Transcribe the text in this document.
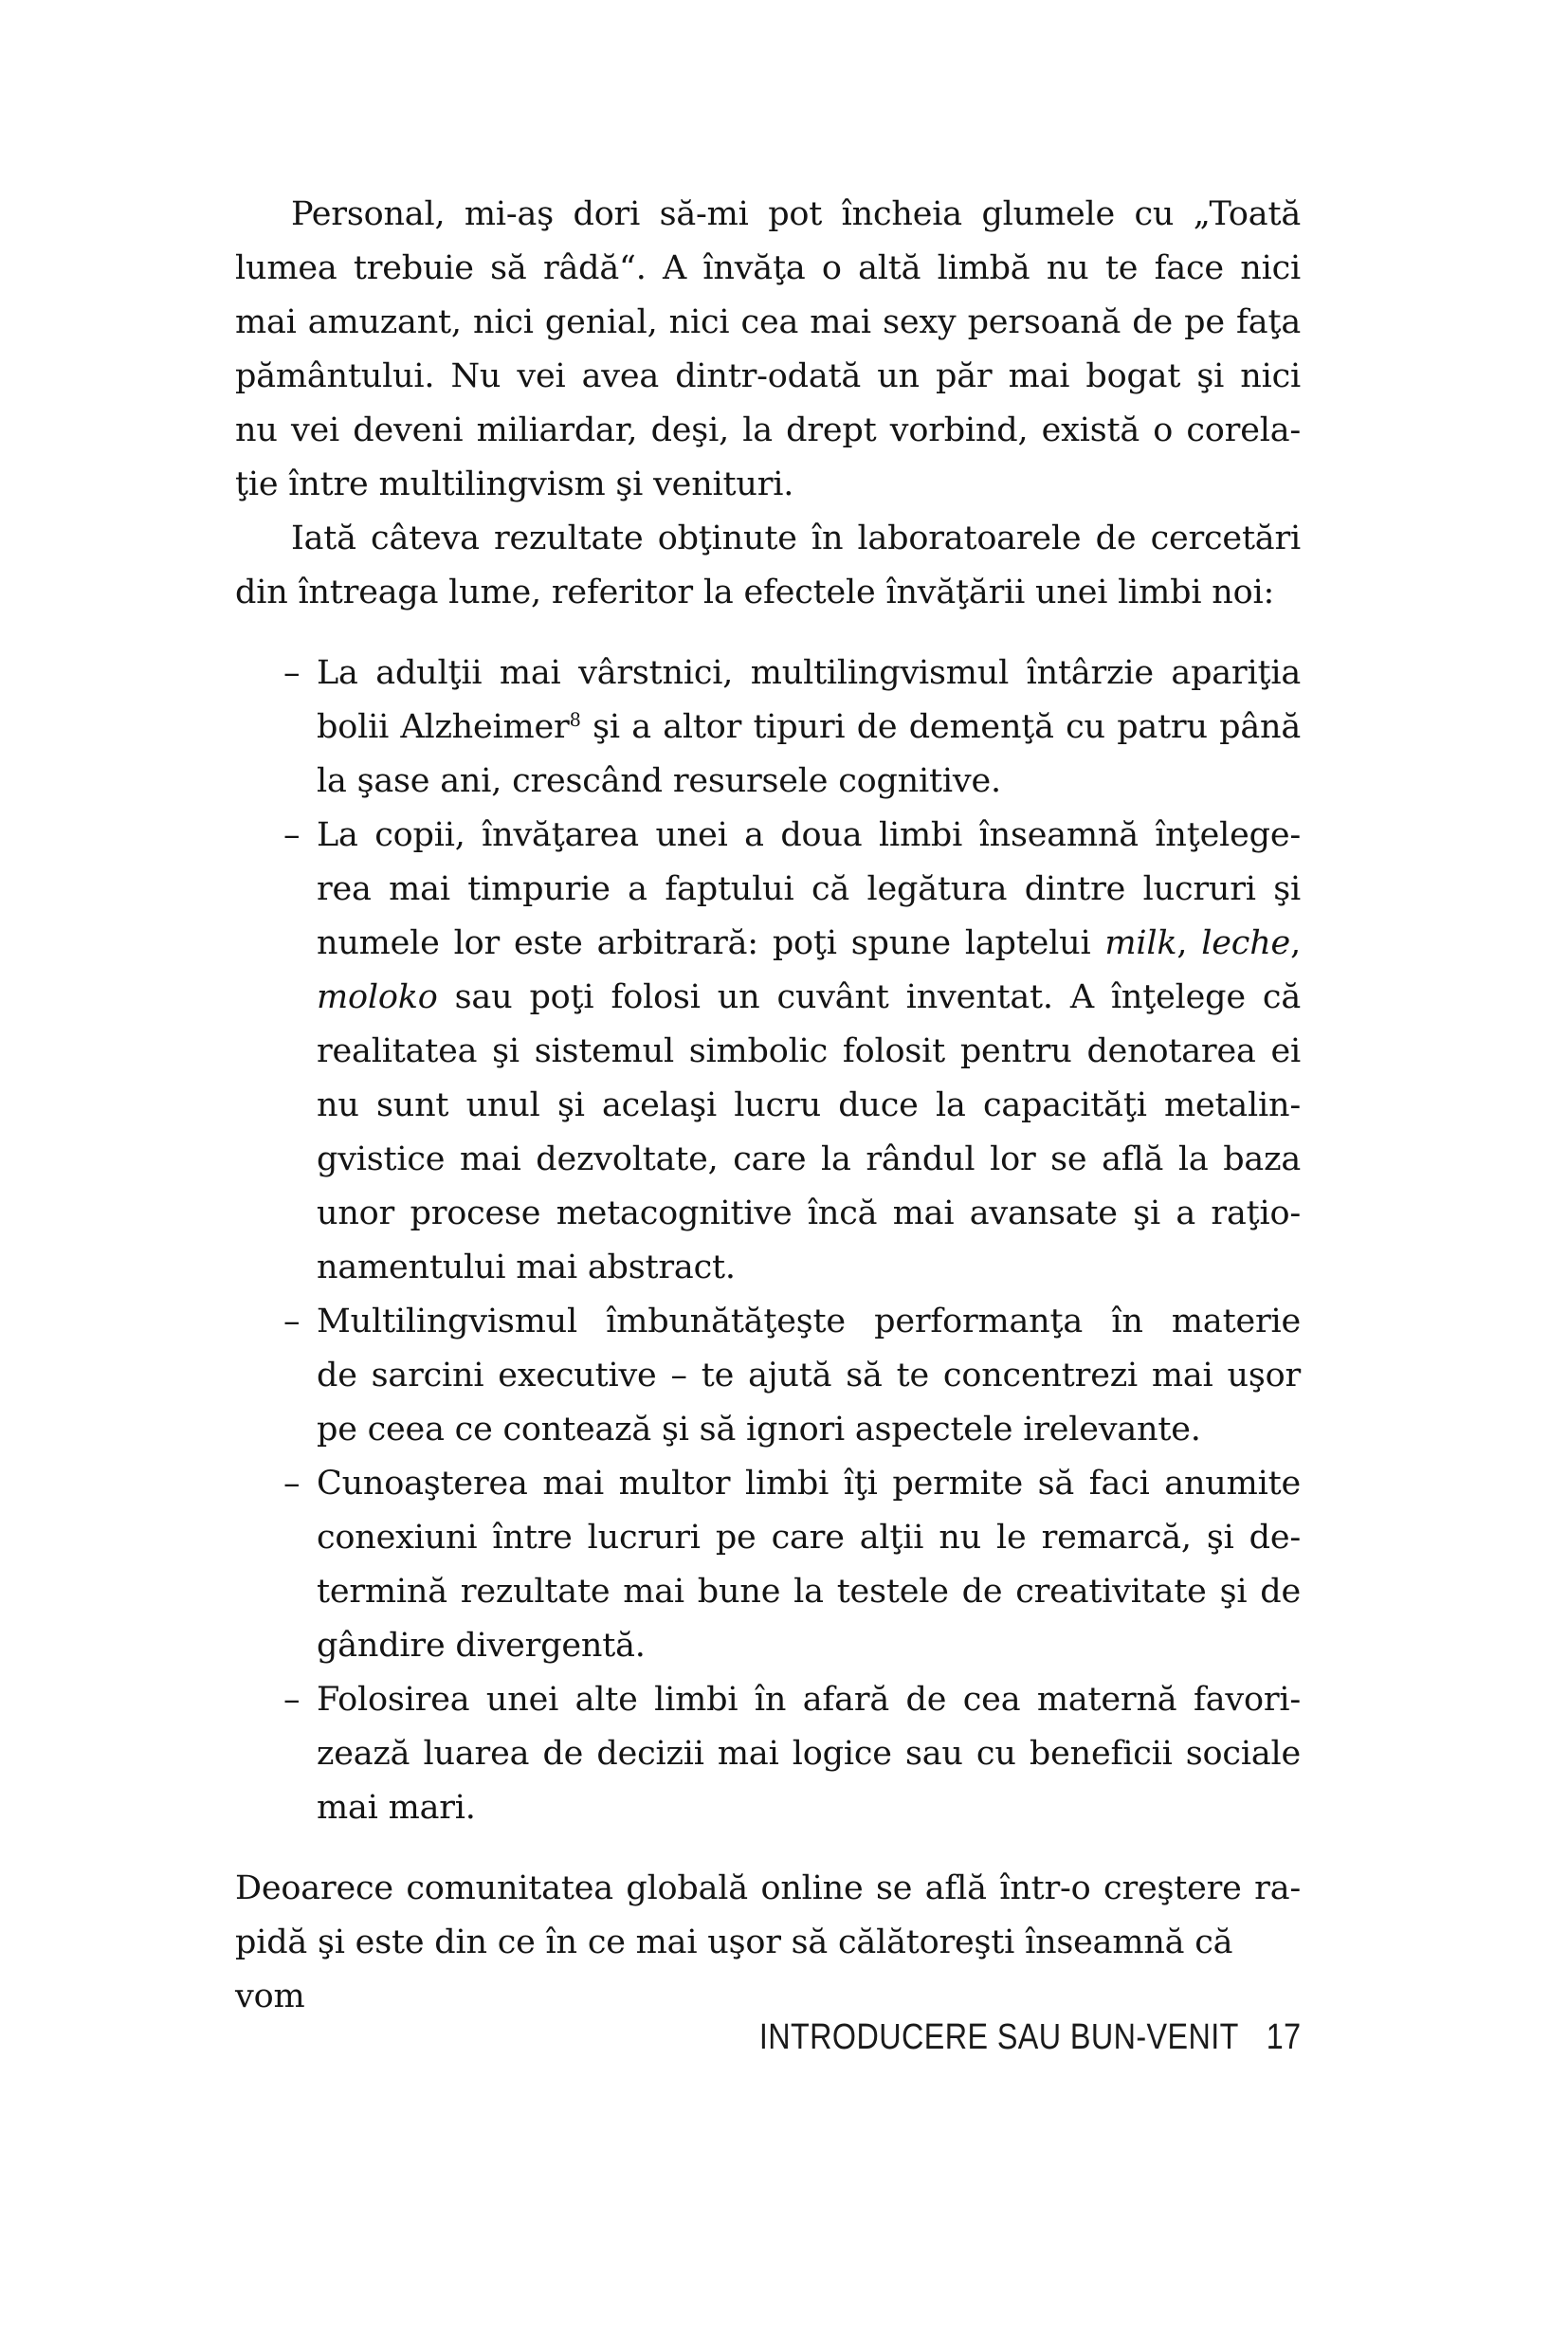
Personal, mi-aş dori să-mi pot încheia glumele cu „Toată
lumea trebuie să râdă“. A învăţa o altă limbă nu te face nici
mai amuzant, nici genial, nici cea mai sexy persoană de pe faţa
pământului. Nu vei avea dintr-odată un păr mai bogat şi nici
nu vei deveni miliardar, deşi, la drept vorbind, există o corela-
ţie între multilingvism şi venituri.
Iată câteva rezultate obţinute în laboratoarele de cercetări
din întreaga lume, referitor la efectele învăţării unei limbi noi:
– La adulţii mai vârstnici, multilingvismul întârzie apariţia
bolii Alzheimer$^8$ şi a altor tipuri de demenţă cu patru până
la şase ani, crescând resursele cognitive.
– La copii, învăţarea unei a doua limbi înseamnă înţelege-
rea mai timpurie a faptului că legătura dintre lucruri şi
numele lor este arbitrară: poţi spune laptelui milk, leche,
moloko sau poţi folosi un cuvânt inventat. A înţelege că
realitatea şi sistemul simbolic folosit pentru denotarea ei
nu sunt unul şi acelaşi lucru duce la capacităţi metalin-
gvistice mai dezvoltate, care la rândul lor se află la baza
unor procese metacognitive încă mai avansate şi a raţio-
namentului mai abstract.
– Multilingvismul îmbunătăţeşte performanţa în materie
de sarcini executive – te ajută să te concentrezi mai uşor
pe ceea ce contează şi să ignori aspectele irelevante.
– Cunoaşterea mai multor limbi îţi permite să faci anumite
conexiuni între lucruri pe care alţii nu le remarcă, şi de-
termină rezultate mai bune la testele de creativitate şi de
gândire divergentă.
– Folosirea unei alte limbi în afară de cea maternă favori-
zează luarea de decizii mai logice sau cu beneficii sociale
mai mari.
Deoarece comunitatea globală online se află într-o creştere ra-
pidă şi este din ce în ce mai uşor să călătoreşti înseamnă că vom
INTRODUCERE SAU BUN-VENIT 17
